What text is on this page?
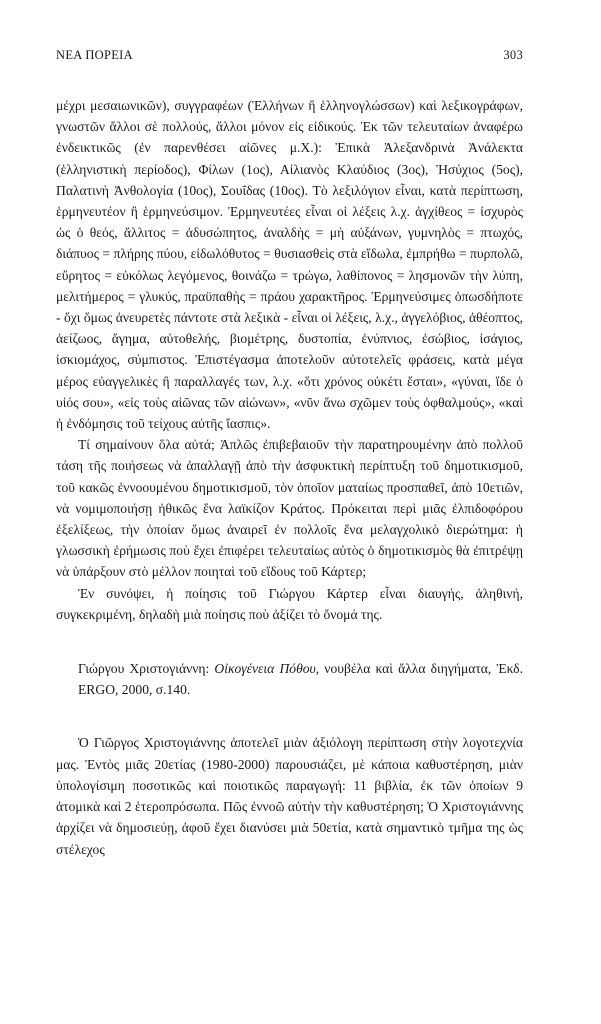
ΝΕΑ ΠΟΡΕΙΑ	303

μέχρι μεσαιωνικῶν), συγγραφέων (Ἑλλήνων ἢ ἑλληνογλώσσων) καὶ λεξικογράφων, γνωστῶν ἄλλοι σὲ πολλούς, ἄλλοι μόνον εἰς εἰδικούς. Ἐκ τῶν τελευταίων ἀναφέρω ἐνδεικτικῶς (ἐν παρενθέσει αἰῶνες μ.Χ.): Ἐπικὰ Ἀλεξανδρινὰ Ἀνάλεκτα (ἑλληνιστικὴ περίοδος), Φίλων (1ος), Αἰλιανὸς Κλαύδιος (3ος), Ἡσύχιος (5ος), Παλατινὴ Ἀνθολογία (10ος), Σουΐδας (10ος). Τὸ λεξιλόγιον εἶναι, κατὰ περίπτωση, ἑρμηνευτέον ἢ ἑρμηνεύσιμον. Ἑρμηνευτέες εἶναι οἱ λέξεις λ.χ. ἀγχίθεος = ἰσχυρὸς ὡς ὁ θεός, ἄλλιτος = ἀδυσώπητος, ἀναλδὴς = μὴ αὐξάνων, γυμνηλὸς = πτωχός, διάπυος = πλήρης πύου, εἰδωλόθυτος = θυσιασθεὶς στὰ εἴδωλα, ἐμπρήθω = πυρπολῶ, εὔρητος = εὐκόλως λεγόμενος, θοινάζω = τρώγω, λαθίπονος = λησμονῶν τὴν λύπη, μελιτήμερος = γλυκύς, πραϋπαθὴς = πράου χαρακτῆρος. Ἑρμηνεύσιμες ὁπωσδήποτε - ὄχι ὅμως ἀνευρετὲς πάντοτε στὰ λεξικὰ - εἶναι οἱ λέξεις, λ.χ., ἀγγελόβιος, ἀθέοπτος, ἀείζωος, ἄγημα, αὐτοθελής, βιομέτρης, δυστοπία, ἐνύπνιος, ἐσώβιος, ἰσάγιος, ἰσκιομάχος, σύμπιστος. Ἐπιστέγασμα ἀποτελοῦν αὐτοτελεῖς φράσεις, κατὰ μέγα μέρος εὐαγγελικὲς ἢ παραλλαγές των, λ.χ. «ὅτι χρόνος οὐκέτι ἔσται», «γύναι, ἴδε ὁ υἱός σου», «εἰς τοὺς αἰῶνας τῶν αἰώνων», «νῦν ἄνω σχῶμεν τοὺς ὀφθαλμούς», «καὶ ἡ ἐνδόμησις τοῦ τείχους αὐτῆς ἴασπις».

Τί σημαίνουν ὅλα αὐτά; Ἁπλῶς ἐπιβεβαιοῦν τὴν παρατηρουμένην ἀπὸ πολλοῦ τάση τῆς ποιήσεως νὰ ἀπαλλαγῇ ἀπὸ τὴν ἀσφυκτικὴ περίπτυξη τοῦ δημοτικισμοῦ, τοῦ κακῶς ἐννοουμένου δημοτικισμοῦ, τὸν ὁποῖον ματαίως προσπαθεῖ, ἀπὸ 10ετιῶν, νὰ νομιμοποιήσῃ ἠθικῶς ἕνα λαϊκίζον Κράτος. Πρόκειται περὶ μιᾶς ἐλπιδοφόρου ἐξελίξεως, τὴν ὁποίαν ὅμως ἀναιρεῖ ἐν πολλοῖς ἕνα μελαγχολικὸ διερώτημα: ἡ γλωσσικὴ ἐρήμωσις ποὺ ἔχει ἐπιφέρει τελευταίως αὐτὸς ὁ δημοτικισμὸς θὰ ἐπιτρέψῃ νὰ ὑπάρξουν στὸ μέλλον ποιηταὶ τοῦ εἴδους τοῦ Κάρτερ;

Ἐν συνόψει, ἡ ποίησις τοῦ Γιώργου Κάρτερ εἶναι διαυγής, ἀληθινή, συγκεκριμένη, δηλαδὴ μιὰ ποίησις ποὺ ἀξίζει τὸ ὄνομά της.

Γιώργου Χριστογιάννη: Οἰκογένεια Πόθου, νουβέλα καὶ ἄλλα διηγήματα, Ἐκδ. ERGO, 2000, σ.140.

Ὁ Γιῶργος Χριστογιάννης ἀποτελεῖ μιὰν ἀξιόλογη περίπτωση στὴν λογοτεχνία μας. Ἐντὸς μιᾶς 20ετίας (1980-2000) παρουσιάζει, μὲ κάποια καθυστέρηση, μιὰν ὑπολογίσιμη ποσοτικῶς καὶ ποιοτικῶς παραγωγή: 11 βιβλία, ἐκ τῶν ὁποίων 9 ἀτομικὰ καὶ 2 ἑτεροπρόσωπα. Πῶς ἐννοῶ αὐτὴν τὴν καθυστέρηση; Ὁ Χριστογιάννης ἀρχίζει νὰ δημοσιεύῃ, ἀφοῦ ἔχει διανύσει μιὰ 50ετία, κατὰ σημαντικὸ τμῆμα της ὡς στέλεχος
